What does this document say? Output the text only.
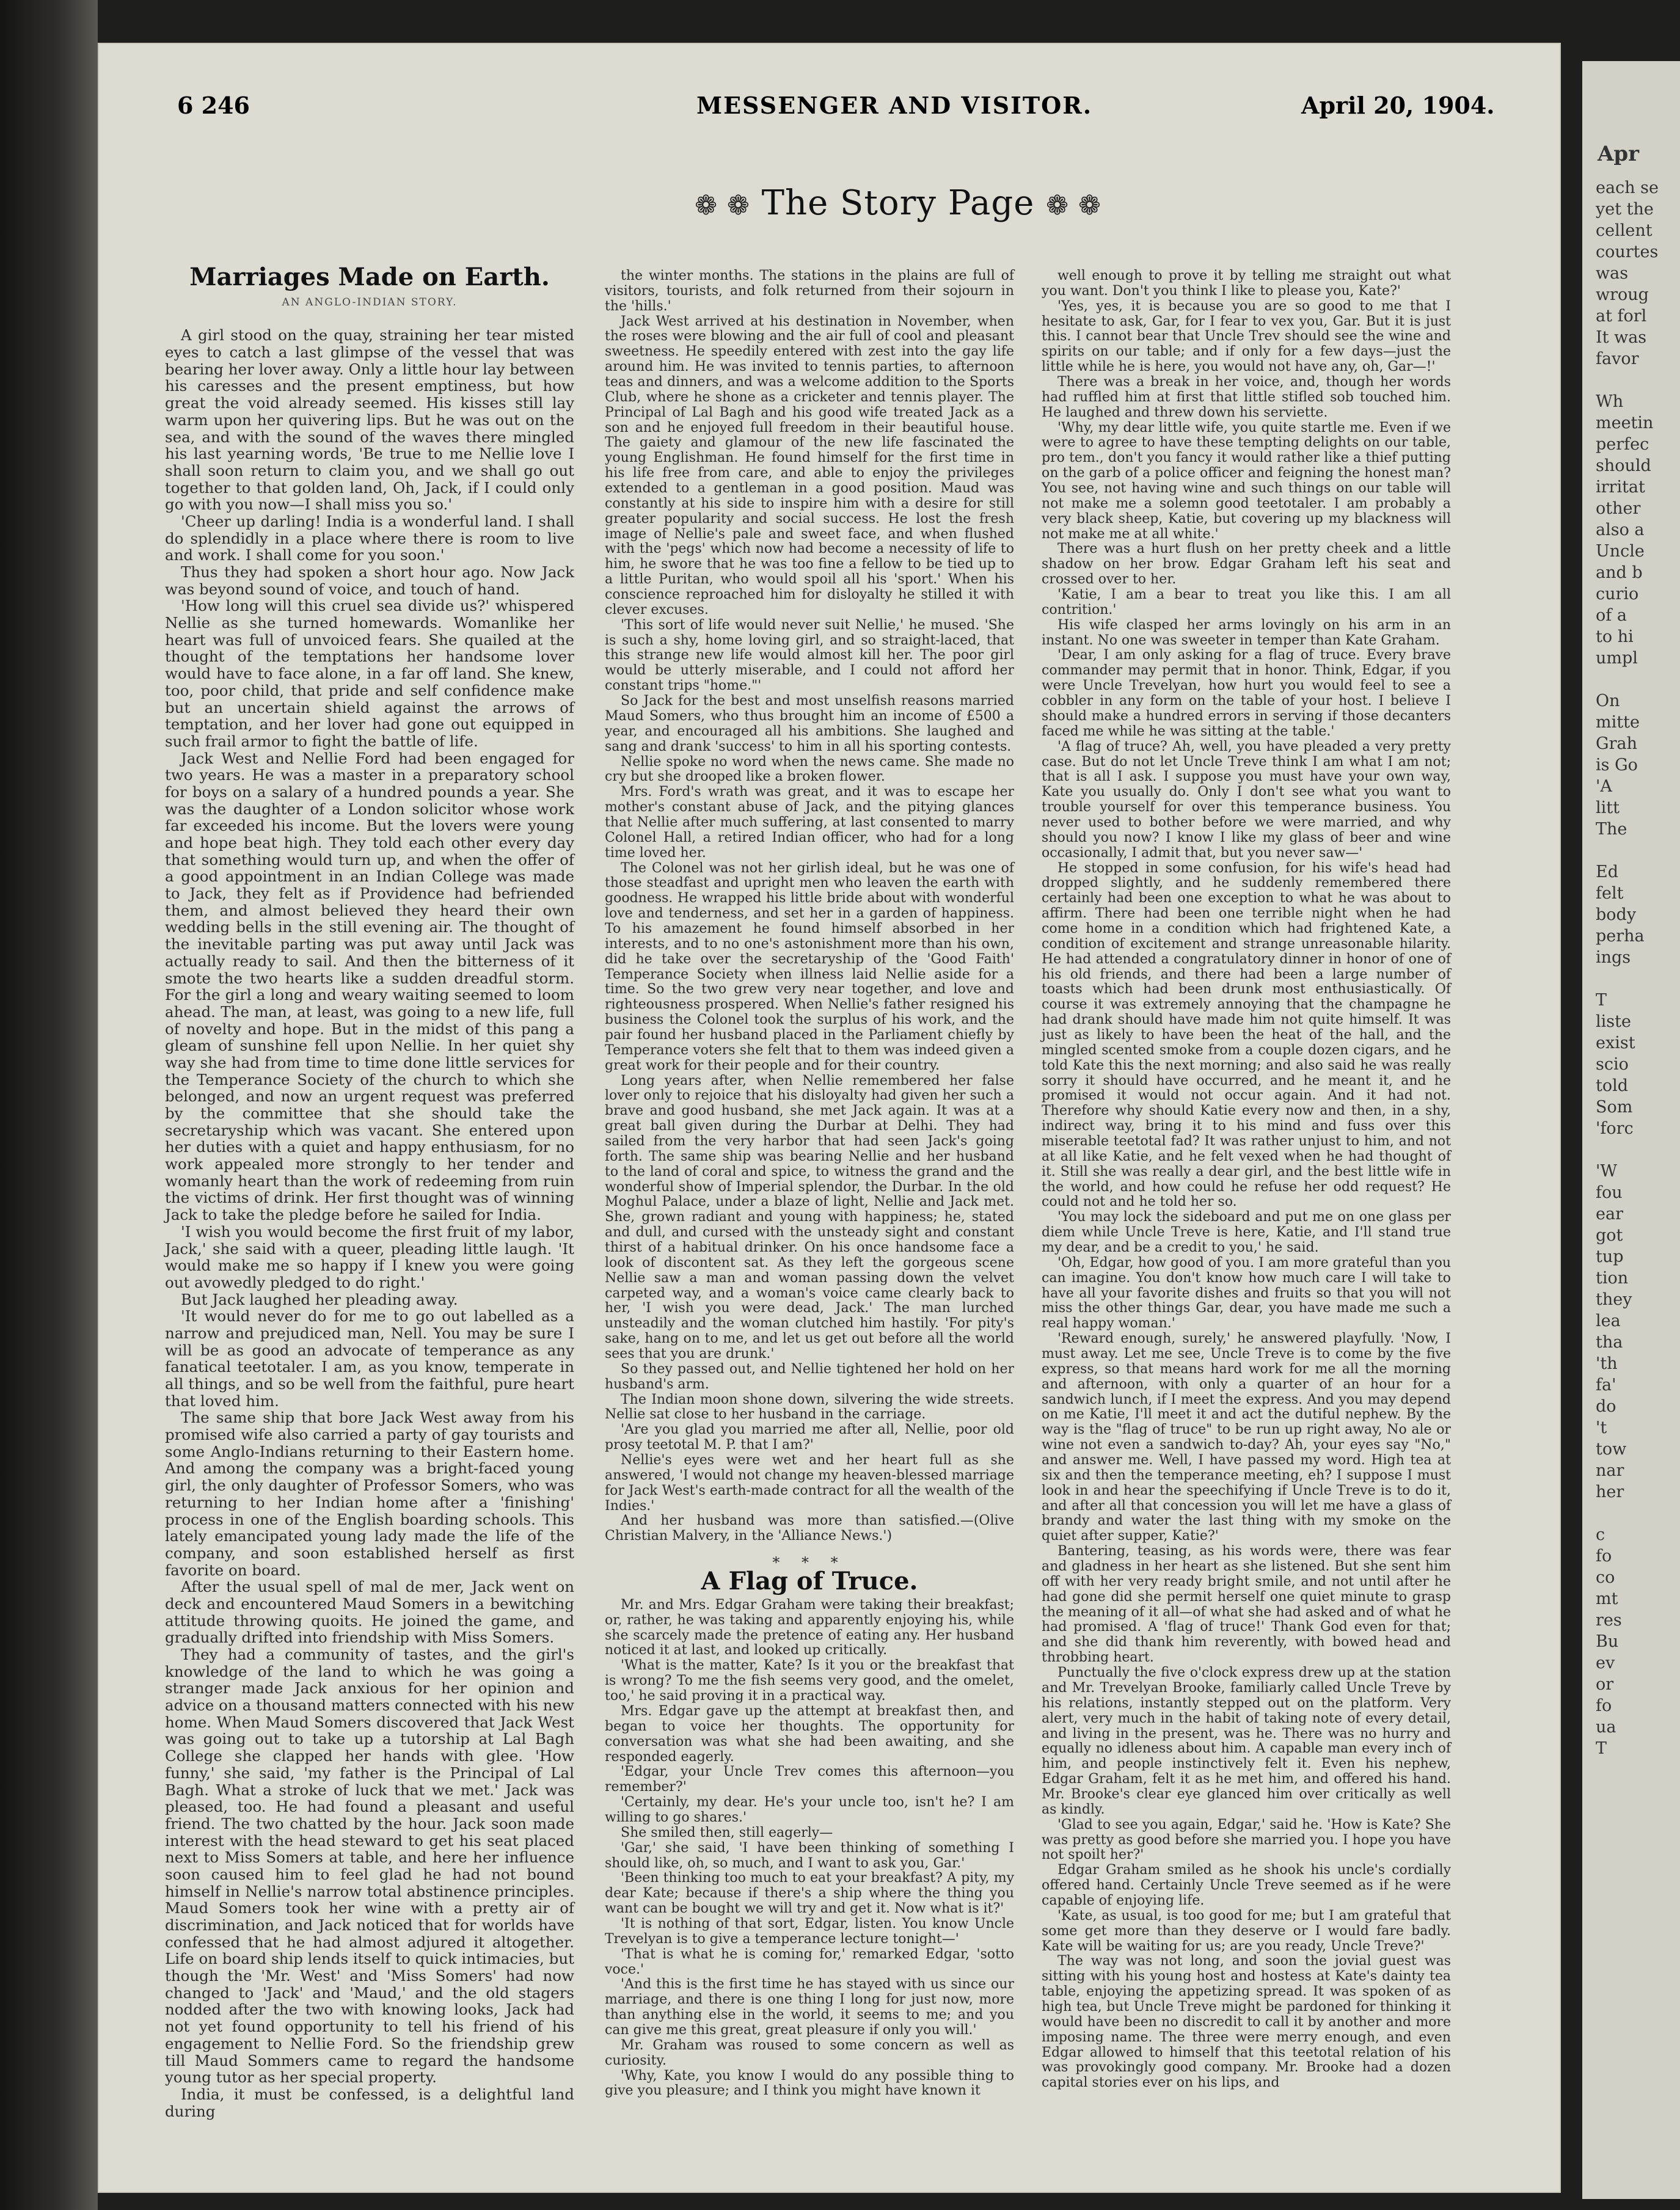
6 246	MESSENGER AND VISITOR.	April 20, 1904.
❁ ❁ The Story Page ❁ ❁
Marriages Made on Earth.
AN ANGLO-INDIAN STORY.

A girl stood on the quay, straining her tear misted eyes to catch a last glimpse of the vessel that was bearing her lover away. Only a little hour lay between his caresses and the present emptiness, but how great the void already seemed. His kisses still lay warm upon her quivering lips. But he was out on the sea, and with the sound of the waves there mingled his last yearning words, 'Be true to me Nellie love I shall soon return to claim you, and we shall go out together to that golden land, Oh, Jack, if I could only go with you now—I shall miss you so.'

'Cheer up darling! India is a wonderful land. I shall do splendidly in a place where there is room to live and work. I shall come for you soon.'

Thus they had spoken a short hour ago. Now Jack was beyond sound of voice, and touch of hand.

'How long will this cruel sea divide us?' whispered Nellie as she turned homewards. Womanlike her heart was full of unvoiced fears. She quailed at the thought of the temptations her handsome lover would have to face alone, in a far off land. She knew, too, poor child, that pride and self confidence make but an uncertain shield against the arrows of temptation, and her lover had gone out equipped in such frail armor to fight the battle of life.

Jack West and Nellie Ford had been engaged for two years. He was a master in a preparatory school for boys on a salary of a hundred pounds a year. She was the daughter of a London solicitor whose work far exceeded his income. But the lovers were young and hope beat high. They told each other every day that something would turn up, and when the offer of a good appointment in an Indian College was made to Jack, they felt as if Providence had befriended them, and almost believed they heard their own wedding bells in the still evening air. The thought of the inevitable parting was put away until Jack was actually ready to sail. And then the bitterness of it smote the two hearts like a sudden dreadful storm. For the girl a long and weary waiting seemed to loom ahead. The man, at least, was going to a new life, full of novelty and hope. But in the midst of this pang a gleam of sunshine fell upon Nellie. In her quiet shy way she had from time to time done little services for the Temperance Society of the church to which she belonged, and now an urgent request was preferred by the committee that she should take the secretaryship which was vacant. She entered upon her duties with a quiet and happy enthusiasm, for no work appealed more strongly to her tender and womanly heart than the work of redeeming from ruin the victims of drink. Her first thought was of winning Jack to take the pledge before he sailed for India.

'I wish you would become the first fruit of my labor, Jack,' she said with a queer, pleading little laugh. 'It would make me so happy if I knew you were going out avowedly pledged to do right.'

But Jack laughed her pleading away.

'It would never do for me to go out labelled as a narrow and prejudiced man, Nell. You may be sure I will be as good an advocate of temperance as any fanatical teetotaler. I am, as you know, temperate in all things, and so be well from the faithful, pure heart that loved him.

The same ship that bore Jack West away from his promised wife also carried a party of gay tourists and some Anglo-Indians returning to their Eastern home. And among the company was a bright-faced young girl, the only daughter of Professor Somers, who was returning to her Indian home after a 'finishing' process in one of the English boarding schools. This lately emancipated young lady made the life of the company, and soon established herself as first favorite on board.

After the usual spell of mal de mer, Jack went on deck and encountered Maud Somers in a bewitching attitude throwing quoits. He joined the game, and gradually drifted into friendship with Miss Somers.

They had a community of tastes, and the girl's knowledge of the land to which he was going a stranger made Jack anxious for her opinion and advice on a thousand matters connected with his new home. When Maud Somers discovered that Jack West was going out to take up a tutorship at Lal Bagh College she clapped her hands with glee. 'How funny,' she said, 'my father is the Principal of Lal Bagh. What a stroke of luck that we met.' Jack was pleased, too. He had found a pleasant and useful friend. The two chatted by the hour. Jack soon made interest with the head steward to get his seat placed next to Miss Somers at table, and here her influence soon caused him to feel glad he had not bound himself in Nellie's narrow total abstinence principles. Maud Somers took her wine with a pretty air of discrimination, and Jack noticed that for worlds have confessed that he had almost adjured it altogether. Life on board ship lends itself to quick intimacies, but though the 'Mr. West' and 'Miss Somers' had now changed to 'Jack' and 'Maud,' and the old stagers nodded after the two with knowing looks, Jack had not yet found opportunity to tell his friend of his engagement to Nellie Ford. So the friendship grew till Maud Sommers came to regard the handsome young tutor as her special property.

India, it must be confessed, is a delightful land during

the winter months. The stations in the plains are full of visitors, tourists, and folk returned from their sojourn in the 'hills.'

Jack West arrived at his destination in November, when the roses were blowing and the air full of cool and pleasant sweetness. He speedily entered with zest into the gay life around him. He was invited to tennis parties, to afternoon teas and dinners, and was a welcome addition to the Sports Club, where he shone as a cricketer and tennis player. The Principal of Lal Bagh and his good wife treated Jack as a son and he enjoyed full freedom in their beautiful house. The gaiety and glamour of the new life fascinated the young Englishman. He found himself for the first time in his life free from care, and able to enjoy the privileges extended to a gentleman in a good position. Maud was constantly at his side to inspire him with a desire for still greater popularity and social success. He lost the fresh image of Nellie's pale and sweet face, and when flushed with the 'pegs' which now had become a necessity of life to him, he swore that he was too fine a fellow to be tied up to a little Puritan, who would spoil all his 'sport.' When his conscience reproached him for disloyalty he stilled it with clever excuses.

'This sort of life would never suit Nellie,' he mused. 'She is such a shy, home loving girl, and so straight-laced, that this strange new life would almost kill her. The poor girl would be utterly miserable, and I could not afford her constant trips "home."'

So Jack for the best and most unselfish reasons married Maud Somers, who thus brought him an income of £500 a year, and encouraged all his ambitions. She laughed and sang and drank 'success' to him in all his sporting contests.

Nellie spoke no word when the news came. She made no cry but she drooped like a broken flower.

Mrs. Ford's wrath was great, and it was to escape her mother's constant abuse of Jack, and the pitying glances that Nellie after much suffering, at last consented to marry Colonel Hall, a retired Indian officer, who had for a long time loved her.

The Colonel was not her girlish ideal, but he was one of those steadfast and upright men who leaven the earth with goodness. He wrapped his little bride about with wonderful love and tenderness, and set her in a garden of happiness. To his amazement he found himself absorbed in her interests, and to no one's astonishment more than his own, did he take over the secretaryship of the 'Good Faith' Temperance Society when illness laid Nellie aside for a time. So the two grew very near together, and love and righteousness prospered. When Nellie's father resigned his business the Colonel took the surplus of his work, and the pair found her husband placed in the Parliament chiefly by Temperance voters she felt that to them was indeed given a great work for their people and for their country.

Long years after, when Nellie remembered her false lover only to rejoice that his disloyalty had given her such a brave and good husband, she met Jack again. It was at a great ball given during the Durbar at Delhi. They had sailed from the very harbor that had seen Jack's going forth. The same ship was bearing Nellie and her husband to the land of coral and spice, to witness the grand and the wonderful show of Imperial splendor, the Durbar. In the old Moghul Palace, under a blaze of light, Nellie and Jack met. She, grown radiant and young with happiness; he, stated and dull, and cursed with the unsteady sight and constant thirst of a habitual drinker. On his once handsome face a look of discontent sat. As they left the gorgeous scene Nellie saw a man and woman passing down the velvet carpeted way, and a woman's voice came clearly back to her, 'I wish you were dead, Jack.' The man lurched unsteadily and the woman clutched him hastily. 'For pity's sake, hang on to me, and let us get out before all the world sees that you are drunk.'

So they passed out, and Nellie tightened her hold on her husband's arm.

The Indian moon shone down, silvering the wide streets. Nellie sat close to her husband in the carriage.

'Are you glad you married me after all, Nellie, poor old prosy teetotal M. P. that I am?'

Nellie's eyes were wet and her heart full as she answered, 'I would not change my heaven-blessed marriage for Jack West's earth-made contract for all the wealth of the Indies.'

And her husband was more than satisfied.—(Olive Christian Malvery, in the 'Alliance News.')

* * *
A Flag of Truce.

Mr. and Mrs. Edgar Graham were taking their breakfast; or, rather, he was taking and apparently enjoying his, while she scarcely made the pretence of eating any. Her husband noticed it at last, and looked up critically.

'What is the matter, Kate? Is it you or the breakfast that is wrong? To me the fish seems very good, and the omelet, too,' he said proving it in a practical way.

Mrs. Edgar gave up the attempt at breakfast then, and began to voice her thoughts. The opportunity for conversation was what she had been awaiting, and she responded eagerly.

'Edgar, your Uncle Trev comes this afternoon—you remember?'

'Certainly, my dear. He's your uncle too, isn't he? I am willing to go shares.'

She smiled then, still eagerly—

'Gar,' she said, 'I have been thinking of something I should like, oh, so much, and I want to ask you, Gar.'

'Been thinking too much to eat your breakfast? A pity, my dear Kate; because if there's a ship where the thing you want can be bought we will try and get it. Now what is it?'

'It is nothing of that sort, Edgar, listen. You know Uncle Trevelyan is to give a temperance lecture tonight—'

'That is what he is coming for,' remarked Edgar, 'sotto voce.'

'And this is the first time he has stayed with us since our marriage, and there is one thing I long for just now, more than anything else in the world, it seems to me; and you can give me this great, great pleasure if only you will.'

Mr. Graham was roused to some concern as well as curiosity.

'Why, Kate, you know I would do any possible thing to give you pleasure; and I think you might have known it

well enough to prove it by telling me straight out what you want. Don't you think I like to please you, Kate?'

'Yes, yes, it is because you are so good to me that I hesitate to ask, Gar, for I fear to vex you, Gar. But it is just this. I cannot bear that Uncle Trev should see the wine and spirits on our table; and if only for a few days—just the little while he is here, you would not have any, oh, Gar—!'

There was a break in her voice, and, though her words had ruffled him at first that little stifled sob touched him. He laughed and threw down his serviette.

'Why, my dear little wife, you quite startle me. Even if we were to agree to have these tempting delights on our table, pro tem., don't you fancy it would rather like a thief putting on the garb of a police officer and feigning the honest man? You see, not having wine and such things on our table will not make me a solemn good teetotaler. I am probably a very black sheep, Katie, but covering up my blackness will not make me at all white.'

There was a hurt flush on her pretty cheek and a little shadow on her brow. Edgar Graham left his seat and crossed over to her.

'Katie, I am a bear to treat you like this. I am all contrition.'

His wife clasped her arms lovingly on his arm in an instant. No one was sweeter in temper than Kate Graham.

'Dear, I am only asking for a flag of truce. Every brave commander may permit that in honor. Think, Edgar, if you were Uncle Trevelyan, how hurt you would feel to see a cobbler in any form on the table of your host. I believe I should make a hundred errors in serving if those decanters faced me while he was sitting at the table.'

'A flag of truce? Ah, well, you have pleaded a very pretty case. But do not let Uncle Treve think I am what I am not; that is all I ask. I suppose you must have your own way, Kate you usually do. Only I don't see what you want to trouble yourself for over this temperance business. You never used to bother before we were married, and why should you now? I know I like my glass of beer and wine occasionally, I admit that, but you never saw—'

He stopped in some confusion, for his wife's head had dropped slightly, and he suddenly remembered there certainly had been one exception to what he was about to affirm. There had been one terrible night when he had come home in a condition which had frightened Kate, a condition of excitement and strange unreasonable hilarity. He had attended a congratulatory dinner in honor of one of his old friends, and there had been a large number of toasts which had been drunk most enthusiastically. Of course it was extremely annoying that the champagne he had drank should have made him not quite himself. It was just as likely to have been the heat of the hall, and the mingled scented smoke from a couple dozen cigars, and he told Kate this the next morning; and also said he was really sorry it should have occurred, and he meant it, and he promised it would not occur again. And it had not. Therefore why should Katie every now and then, in a shy, indirect way, bring it to his mind and fuss over this miserable teetotal fad? It was rather unjust to him, and not at all like Katie, and he felt vexed when he had thought of it. Still she was really a dear girl, and the best little wife in the world, and how could he refuse her odd request? He could not and he told her so.

'You may lock the sideboard and put me on one glass per diem while Uncle Treve is here, Katie, and I'll stand true my dear, and be a credit to you,' he said.

'Oh, Edgar, how good of you. I am more grateful than you can imagine. You don't know how much care I will take to have all your favorite dishes and fruits so that you will not miss the other things Gar, dear, you have made me such a real happy woman.'

'Reward enough, surely,' he answered playfully. 'Now, I must away. Let me see, Uncle Treve is to come by the five express, so that means hard work for me all the morning and afternoon, with only a quarter of an hour for a sandwich lunch, if I meet the express. And you may depend on me Katie, I'll meet it and act the dutiful nephew. By the way is the "flag of truce" to be run up right away, No ale or wine not even a sandwich to-day? Ah, your eyes say "No," and answer me. Well, I have passed my word. High tea at six and then the temperance meeting, eh? I suppose I must look in and hear the speechifying if Uncle Treve is to do it, and after all that concession you will let me have a glass of brandy and water the last thing with my smoke on the quiet after supper, Katie?'

Bantering, teasing, as his words were, there was fear and gladness in her heart as she listened. But she sent him off with her very ready bright smile, and not until after he had gone did she permit herself one quiet minute to grasp the meaning of it all—of what she had asked and of what he had promised. A 'flag of truce!' Thank God even for that; and she did thank him reverently, with bowed head and throbbing heart.

Punctually the five o'clock express drew up at the station and Mr. Trevelyan Brooke, familiarly called Uncle Treve by his relations, instantly stepped out on the platform. Very alert, very much in the habit of taking note of every detail, and living in the present, was he. There was no hurry and equally no idleness about him. A capable man every inch of him, and people instinctively felt it. Even his nephew, Edgar Graham, felt it as he met him, and offered his hand. Mr. Brooke's clear eye glanced him over critically as well as kindly.

'Glad to see you again, Edgar,' said he. 'How is Kate? She was pretty as good before she married you. I hope you have not spoilt her?'

Edgar Graham smiled as he shook his uncle's cordially offered hand. Certainly Uncle Treve seemed as if he were capable of enjoying life.

'Kate, as usual, is too good for me; but I am grateful that some get more than they deserve or I would fare badly. Kate will be waiting for us; are you ready, Uncle Treve?'

The way was not long, and soon the jovial guest was sitting with his young host and hostess at Kate's dainty tea table, enjoying the appetizing spread. It was spoken of as high tea, but Uncle Treve might be pardoned for thinking it would have been no discredit to call it by another and more imposing name. The three were merry enough, and even Edgar allowed to himself that this teetotal relation of his was provokingly good company. Mr. Brooke had a dozen capital stories ever on his lips, and

Apr
each se
yet the
cellent
courtes
was
wroug
at forl
It was
favor

Wh
meetin
perfec
should
irritat
other
also a
Uncle
and b
curio
of a
to hi
umpl

On
mitte
Grah
is Go
'A
litt
The

Ed
felt
body
perha
ings

T
liste
exist
scio
told
Som
'forc

'W
fou
ear
got
tup
tion
they
lea
tha
'th
fa'
do
't
tow
nar
her

c
fo
co
mt
res
Bu
ev
or
fo
ua
T
